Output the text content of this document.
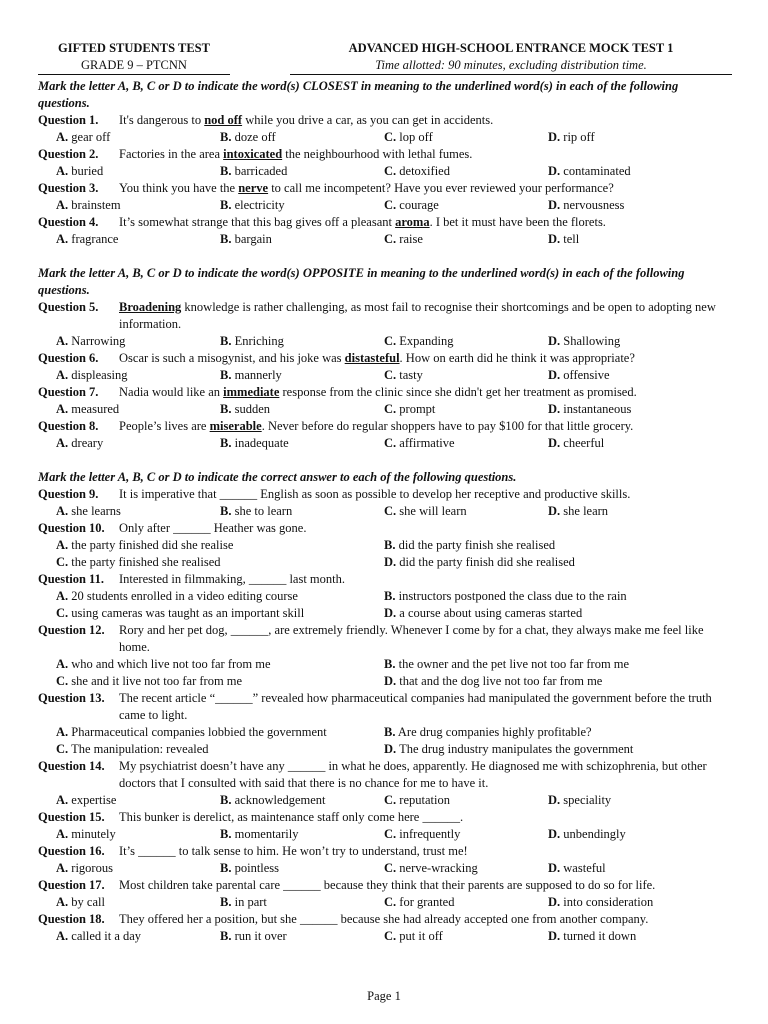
GIFTED STUDENTS TEST
GRADE 9 – PTCNN
ADVANCED HIGH-SCHOOL ENTRANCE MOCK TEST 1
Time allotted: 90 minutes, excluding distribution time.
Mark the letter A, B, C or D to indicate the word(s) CLOSEST in meaning to the underlined word(s) in each of the following questions.
Question 1. It's dangerous to nod off while you drive a car, as you can get in accidents.
A. gear off	B. doze off	C. lop off	D. rip off
Question 2. Factories in the area intoxicated the neighbourhood with lethal fumes.
A. buried	B. barricaded	C. detoxified	D. contaminated
Question 3. You think you have the nerve to call me incompetent? Have you ever reviewed your performance?
A. brainstem	B. electricity	C. courage	D. nervousness
Question 4. It’s somewhat strange that this bag gives off a pleasant aroma. I bet it must have been the florets.
A. fragrance	B. bargain	C. raise	D. tell
Mark the letter A, B, C or D to indicate the word(s) OPPOSITE in meaning to the underlined word(s) in each of the following questions.
Question 5. Broadening knowledge is rather challenging, as most fail to recognise their shortcomings and be open to adopting new information.
A. Narrowing	B. Enriching	C. Expanding	D. Shallowing
Question 6. Oscar is such a misogynist, and his joke was distasteful. How on earth did he think it was appropriate?
A. displeasing	B. mannerly	C. tasty	D. offensive
Question 7. Nadia would like an immediate response from the clinic since she didn't get her treatment as promised.
A. measured	B. sudden	C. prompt	D. instantaneous
Question 8. People’s lives are miserable. Never before do regular shoppers have to pay $100 for that little grocery.
A. dreary	B. inadequate	C. affirmative	D. cheerful
Mark the letter A, B, C or D to indicate the correct answer to each of the following questions.
Question 9. It is imperative that ______ English as soon as possible to develop her receptive and productive skills.
A. she learns	B. she to learn	C. she will learn	D. she learn
Question 10. Only after ______ Heather was gone.
A. the party finished did she realise	B. did the party finish she realised
C. the party finished she realised	D. did the party finish did she realised
Question 11. Interested in filmmaking, ______ last month.
A. 20 students enrolled in a video editing course	B. instructors postponed the class due to the rain
C. using cameras was taught as an important skill	D. a course about using cameras started
Question 12. Rory and her pet dog, ______, are extremely friendly. Whenever I come by for a chat, they always make me feel like home.
A. who and which live not too far from me	B. the owner and the pet live not too far from me
C. she and it live not too far from me	D. that and the dog live not too far from me
Question 13. The recent article “______” revealed how pharmaceutical companies had manipulated the government before the truth came to light.
A. Pharmaceutical companies lobbied the government	B. Are drug companies highly profitable?
C. The manipulation: revealed	D. The drug industry manipulates the government
Question 14. My psychiatrist doesn’t have any ______ in what he does, apparently. He diagnosed me with schizophrenia, but other doctors that I consulted with said that there is no chance for me to have it.
A. expertise	B. acknowledgement	C. reputation	D. speciality
Question 15. This bunker is derelict, as maintenance staff only come here ______.
A. minutely	B. momentarily	C. infrequently	D. unbendingly
Question 16. It’s ______ to talk sense to him. He won’t try to understand, trust me!
A. rigorous	B. pointless	C. nerve-wracking	D. wasteful
Question 17. Most children take parental care ______ because they think that their parents are supposed to do so for life.
A. by call	B. in part	C. for granted	D. into consideration
Question 18. They offered her a position, but she ______ because she had already accepted one from another company.
A. called it a day	B. run it over	C. put it off	D. turned it down
Page 1
